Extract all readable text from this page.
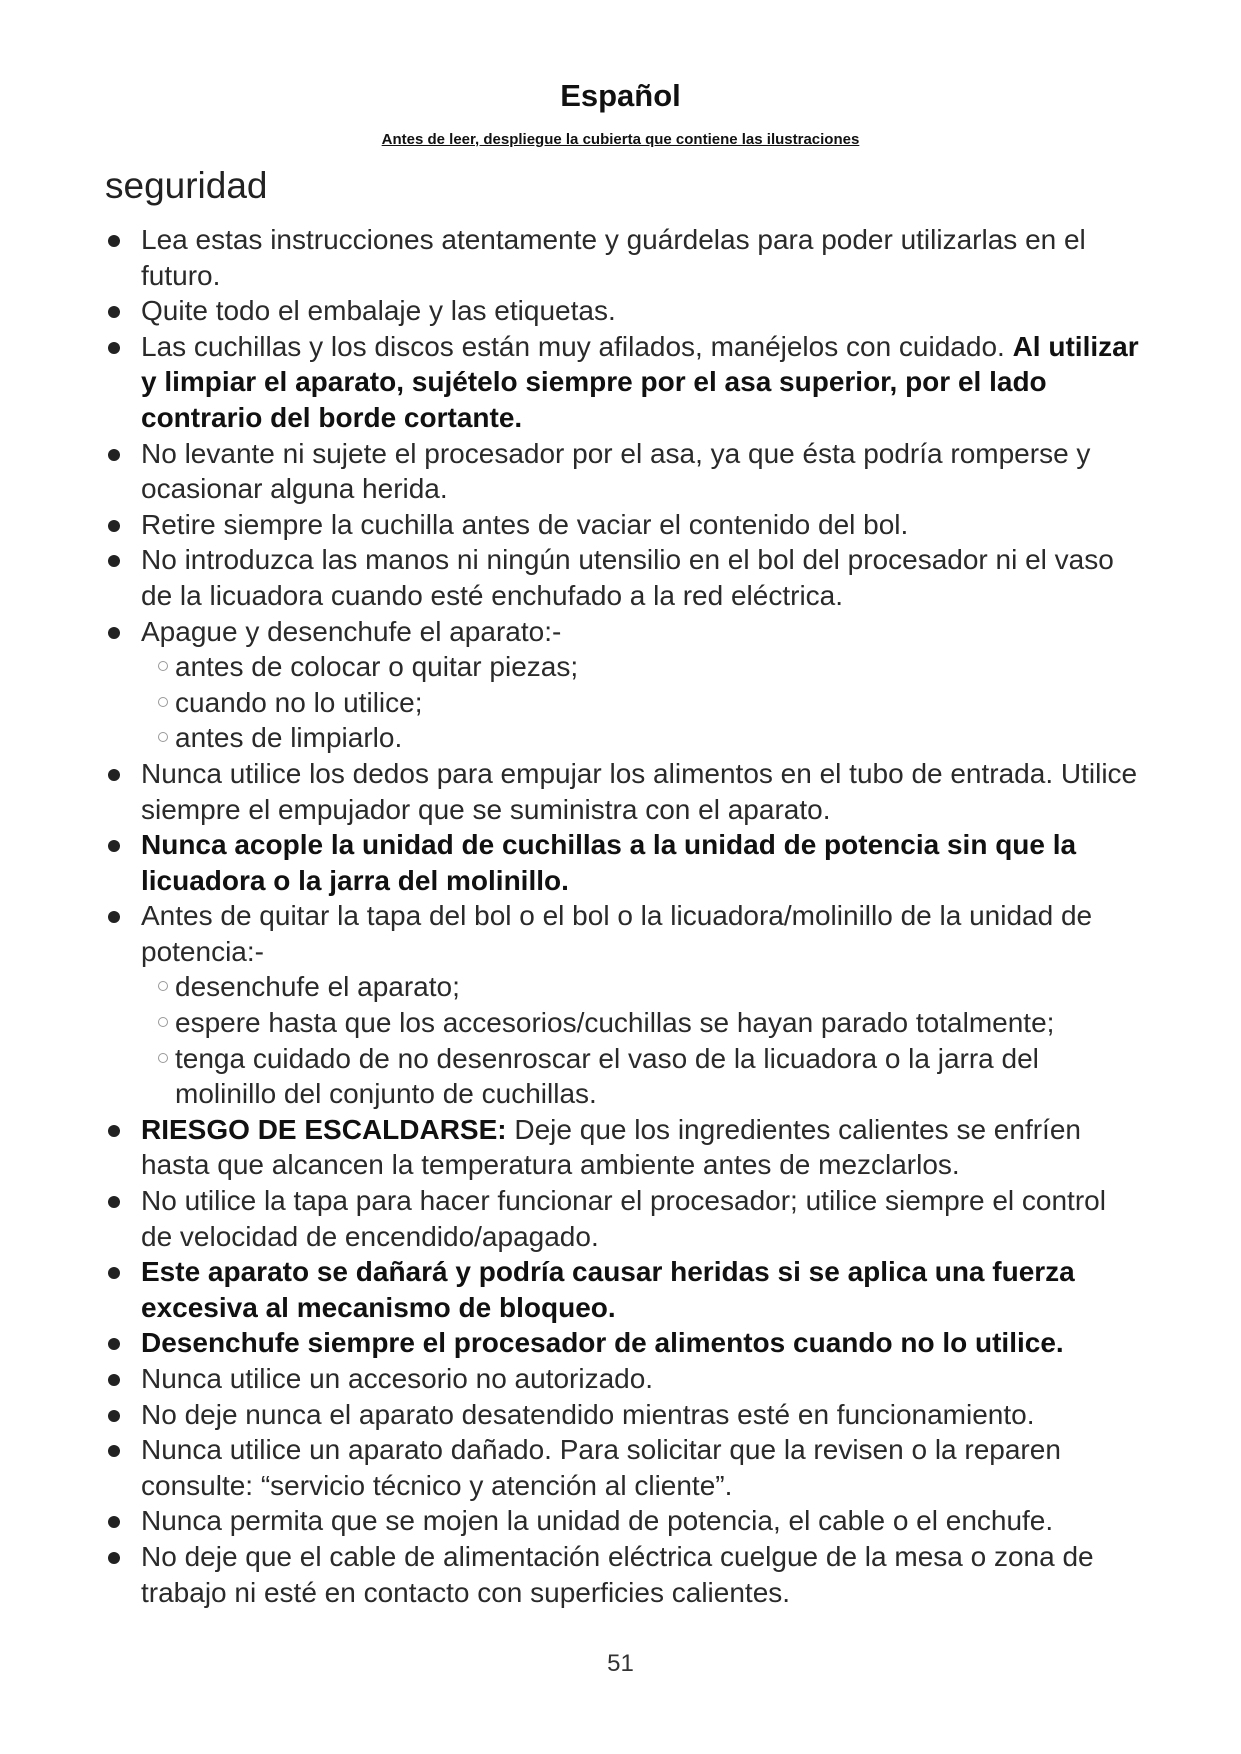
Español
Antes de leer, despliegue la cubierta que contiene las ilustraciones
seguridad
Lea estas instrucciones atentamente y guárdelas para poder utilizarlas en el futuro.
Quite todo el embalaje y las etiquetas.
Las cuchillas y los discos están muy afilados, manéjelos con cuidado. Al utilizar y limpiar el aparato, sujételo siempre por el asa superior, por el lado contrario del borde cortante.
No levante ni sujete el procesador por el asa, ya que ésta podría romperse y ocasionar alguna herida.
Retire siempre la cuchilla antes de vaciar el contenido del bol.
No introduzca las manos ni ningún utensilio en el bol del procesador ni el vaso de la licuadora cuando esté enchufado a la red eléctrica.
Apague y desenchufe el aparato:-
antes de colocar o quitar piezas;
cuando no lo utilice;
antes de limpiarlo.
Nunca utilice los dedos para empujar los alimentos en el tubo de entrada. Utilice siempre el empujador que se suministra con el aparato.
Nunca acople la unidad de cuchillas a la unidad de potencia sin que la licuadora o la jarra del molinillo.
Antes de quitar la tapa del bol o el bol o la licuadora/molinillo de la unidad de potencia:-
desenchufe el aparato;
espere hasta que los accesorios/cuchillas se hayan parado totalmente;
tenga cuidado de no desenroscar el vaso de la licuadora o la jarra del molinillo del conjunto de cuchillas.
RIESGO DE ESCALDARSE: Deje que los ingredientes calientes se enfríen hasta que alcancen la temperatura ambiente antes de mezclarlos.
No utilice la tapa para hacer funcionar el procesador; utilice siempre el control de velocidad de encendido/apagado.
Este aparato se dañará y podría causar heridas si se aplica una fuerza excesiva al mecanismo de bloqueo.
Desenchufe siempre el procesador de alimentos cuando no lo utilice.
Nunca utilice un accesorio no autorizado.
No deje nunca el aparato desatendido mientras esté en funcionamiento.
Nunca utilice un aparato dañado. Para solicitar que la revisen o la reparen consulte: “servicio técnico y atención al cliente”.
Nunca permita que se mojen la unidad de potencia, el cable o el enchufe.
No deje que el cable de alimentación eléctrica cuelgue de la mesa o zona de trabajo ni esté en contacto con superficies calientes.
51
